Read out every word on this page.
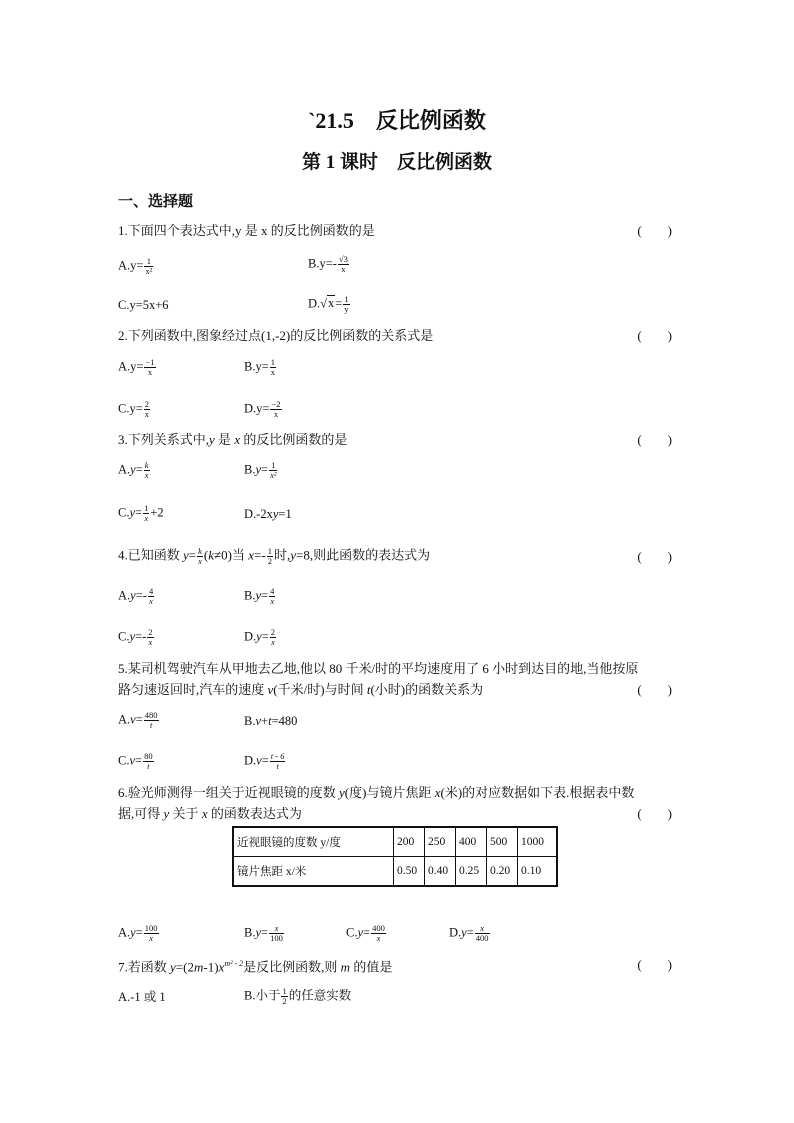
`21.5　反比例函数
第 1 课时　反比例函数
一、选择题
1.下面四个表达式中,y 是 x 的反比例函数的是	(　　)
$A.y= \frac{1}{\text{x²}}$	$B.y=- \frac{√3}{x}$
C.y=5x+6	$D.√x= \frac{1}{y}$
2.下列函数中,图象经过点(1,-2)的反比例函数的关系式是	(　　)
$A.y= \frac{-1}{x}$	$B.y= \frac{1}{x}$
$C.y= \frac{2}{x}$	$D.y= \frac{-2}{x}$
3.下列关系式中,y 是 x 的反比例函数的是	(　　)
$A.y= \frac{k}{x}$	$B.y= \frac{1}{\text{x²}}$
$C.y= \frac{1}{x} +2$	D.-2xy=1
4.已知函数 $y= \frac{k}{x} (k\ne 0)$当 $x=- \frac{1}{2}$ 时,y=8,则此函数的表达式为	(　　)
$A.y=- \frac{4}{x}$	$B.y= \frac{4}{x}$
$C.y=- \frac{2}{x}$	$D.y= \frac{2}{x}$
5.某司机驾驶汽车从甲地去乙地,他以 80 千米/时的平均速度用了 6 小时到达目的地,当他按原
路匀速返回时,汽车的速度 v(千米/时)与时间 t(小时)的函数关系为	(　　)
$A.v= \frac{480}{t}$	B.v+t=480
$C.v= \frac{80}{t}$	$D.v= \frac{t - 6}{t}$
6.验光师测得一组关于近视眼镜的度数 y(度)与镜片焦距 x(米)的对应数据如下表.根据表中数
据,可得 y 关于 x 的函数表达式为	(　　)
近视眼镜的度数 y/度	200	250	400	500	1000
镜片焦距 x/米	0.50	0.40	0.25	0.20	0.10
$A.y= \frac{100}{x}$	$B.y= \frac{x}{100}$	$C.y= \frac{400}{x}$	$D.y= \frac{x}{400}$
7.若函数 $y=(2m-1)x^{m^2 - 2}$是反比例函数,则 m 的值是	(　　)
A.-1 或 1	B.小于 $\frac{1}{2}$ 的任意实数
